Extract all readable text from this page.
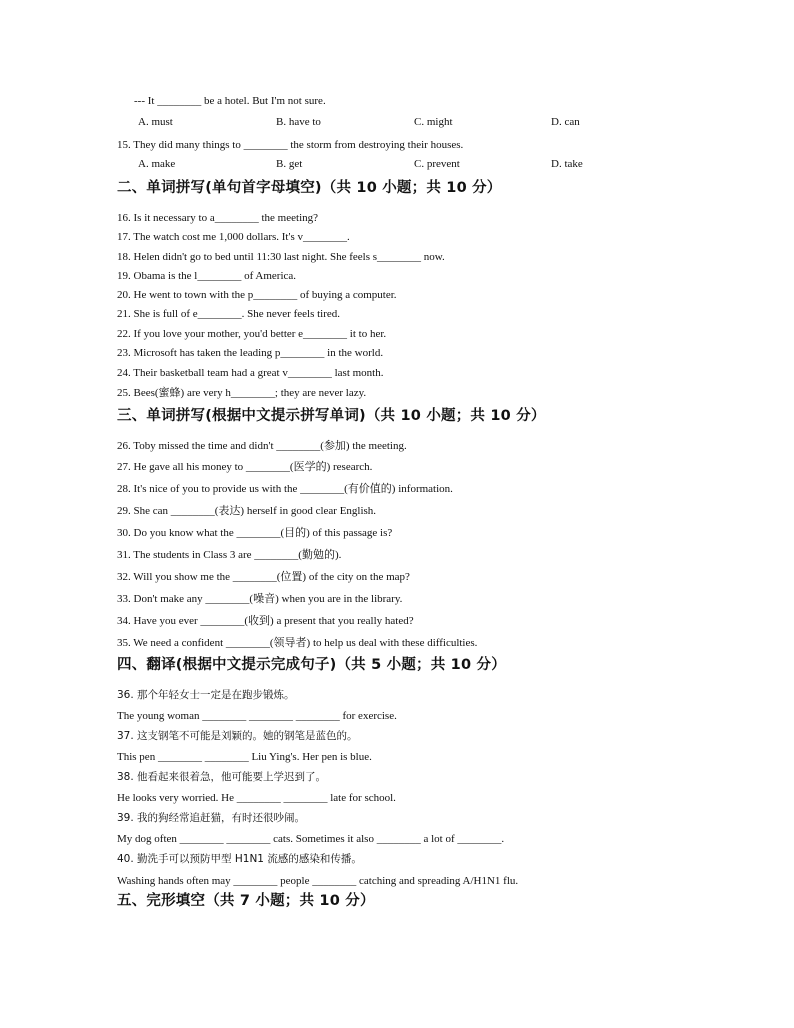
--- It ________ be a hotel. But I'm not sure.
A. must	B. have to	C. might	D. can
15. They did many things to ________ the storm from destroying their houses.
A. make	B. get	C. prevent	D. take
二、单词拼写(单句首字母填空)（共 10 小题；共 10 分）
16. Is it necessary to a________ the meeting?
17. The watch cost me 1,000 dollars. It's v________.
18. Helen didn't go to bed until 11:30 last night. She feels s________ now.
19. Obama is the l________ of America.
20. He went to town with the p________ of buying a computer.
21. She is full of e________. She never feels tired.
22. If you love your mother, you'd better e________ it to her.
23. Microsoft has taken the leading p________ in the world.
24. Their basketball team had a great v________ last month.
25. Bees(蜜蜂) are very h________; they are never lazy.
三、单词拼写(根据中文提示拼写单词)（共 10 小题；共 10 分）
26. Toby missed the time and didn't ________(参加) the meeting.
27. He gave all his money to ________(医学的) research.
28. It's nice of you to provide us with the ________(有价值的) information.
29. She can ________(表达) herself in good clear English.
30. Do you know what the ________(目的) of this passage is?
31. The students in Class 3 are ________(勤勉的).
32. Will you show me the ________(位置) of the city on the map?
33. Don't make any ________(噪音) when you are in the library.
34. Have you ever ________(收到) a present that you really hated?
35. We need a confident ________(领导者) to help us deal with these difficulties.
四、翻译(根据中文提示完成句子)（共 5 小题；共 10 分）
36. 那个年轻女士一定是在跑步锻炼。
The young woman ________ ________ ________ for exercise.
37. 这支钢笔不可能是刘颖的。她的钢笔是蓝色的。
This pen ________ ________ Liu Ying's. Her pen is blue.
38. 他看起来很着急，他可能要上学迟到了。
He looks very worried. He ________ ________ late for school.
39. 我的狗经常追赶猫，有时还很吵闹。
My dog often ________ ________ cats. Sometimes it also ________ a lot of ________.
40. 勤洗手可以预防甲型 H1N1 流感的感染和传播。
Washing hands often may ________ people ________ catching and spreading A/H1N1 flu.
五、完形填空（共 7 小题；共 10 分）
